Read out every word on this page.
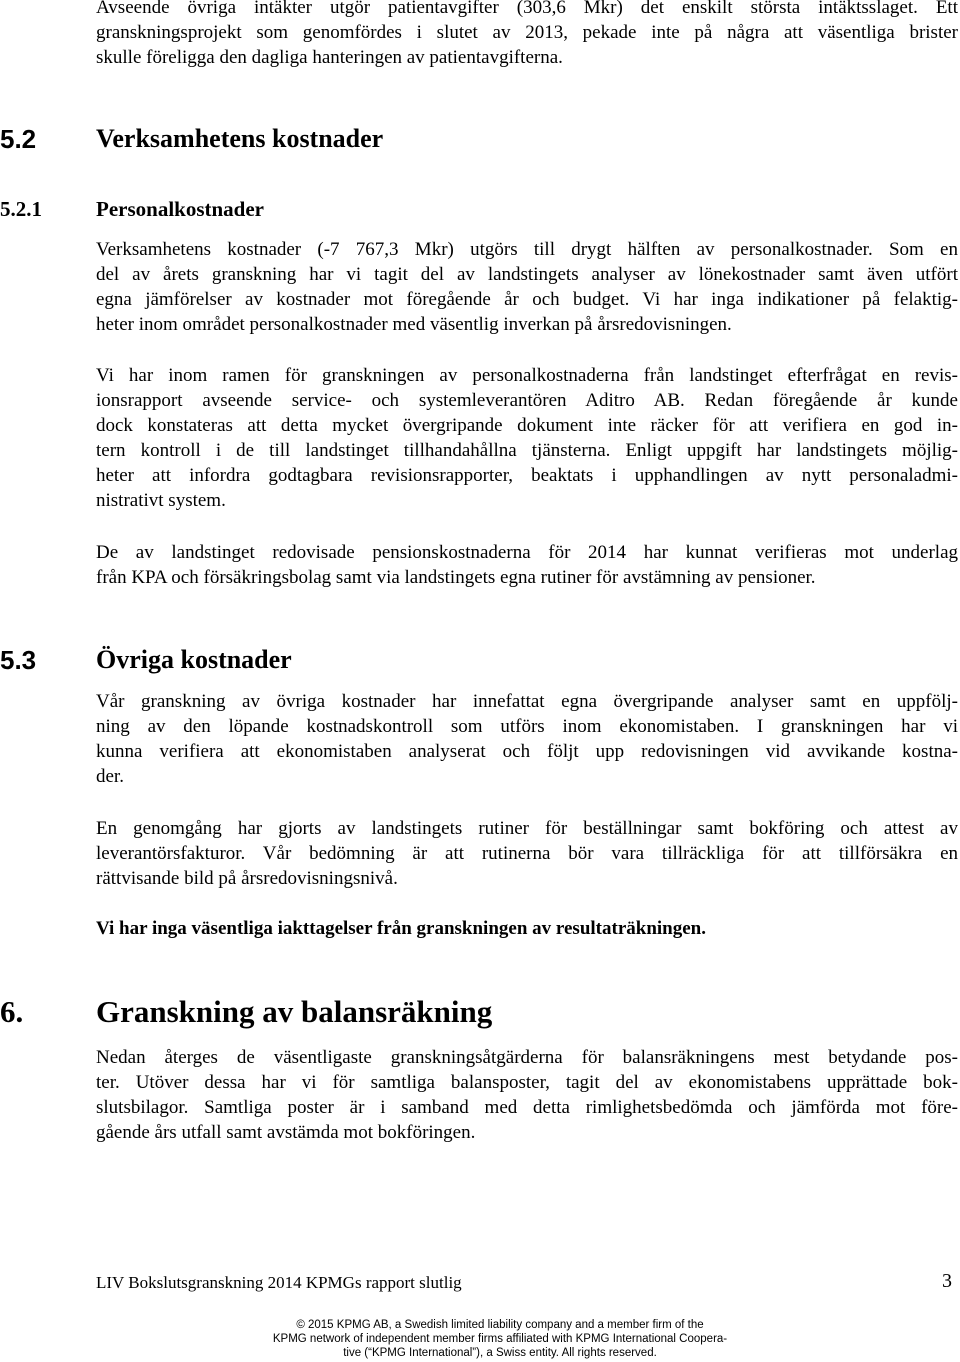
Avseende övriga intäkter utgör patientavgifter (303,6 Mkr) det enskilt största intäktsslaget. Ett
granskningsprojekt som genomfördes i slutet av 2013, pekade inte på några att väsentliga brister
skulle föreligga den dagliga hanteringen av patientavgifterna.
5.2 Verksamhetens kostnader
5.2.1	Personalkostnader
Verksamhetens kostnader (-7 767,3 Mkr) utgörs till drygt hälften av personalkostnader. Som en
del av årets granskning har vi tagit del av landstingets analyser av lönekostnader samt även utfört
egna jämförelser av kostnader mot föregående år och budget. Vi har inga indikationer på felaktig-
heter inom området personalkostnader med väsentlig inverkan på årsredovisningen.
Vi har inom ramen för granskningen av personalkostnaderna från landstinget efterfrågat en revis-
ionsrapport avseende service- och systemleverantören Aditro AB. Redan föregående år kunde
dock konstateras att detta mycket övergripande dokument inte räcker för att verifiera en god in-
tern kontroll i de till landstinget tillhandahållna tjänsterna. Enligt uppgift har landstingets möjlig-
heter att infordra godtagbara revisionsrapporter, beaktats i upphandlingen av nytt personaladmi-
nistrativt system.
De av landstinget redovisade pensionskostnaderna för 2014 har kunnat verifieras mot underlag
från KPA och försäkringsbolag samt via landstingets egna rutiner för avstämning av pensioner.
5.3 Övriga kostnader
Vår granskning av övriga kostnader har innefattat egna övergripande analyser samt en uppfölj-
ning av den löpande kostnadskontroll som utförs inom ekonomistaben. I granskningen har vi
kunna verifiera att ekonomistaben analyserat och följt upp redovisningen vid avvikande kostna-
der.
En genomgång har gjorts av landstingets rutiner för beställningar samt bokföring och attest av
leverantörsfakturor. Vår bedömning är att rutinerna bör vara tillräckliga för att tillförsäkra en
rättvisande bild på årsredovisningsnivå.
Vi har inga väsentliga iakttagelser från granskningen av resultaträkningen.
6. Granskning av balansräkning
Nedan återges de väsentligaste granskningsåtgärderna för balansräkningens mest betydande pos-
ter. Utöver dessa har vi för samtliga balansposter, tagit del av ekonomistabens upprättade bok-
slutsbilagor. Samtliga poster är i samband med detta rimlighetsbedömda och jämförda mot före-
gående års utfall samt avstämda mot bokföringen.
LIV Bokslutsgranskning 2014 KPMGs rapport slutlig	3
© 2015 KPMG AB, a Swedish limited liability company and a member firm of the
KPMG network of independent member firms affiliated with KPMG International Coopera-
tive (“KPMG International”), a Swiss entity. All rights reserved.
